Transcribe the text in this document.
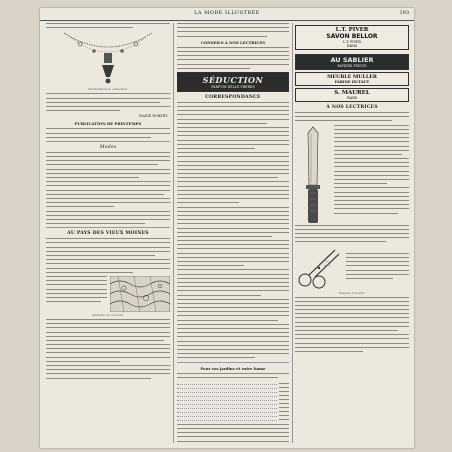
LA MODE ILLUSTRÉE	193
Pendentif de la collection.
MARIE ROBERT.
PUBLICATION DE PRINTEMPS
Modes
AU PAYS DES VIEUX MOINES
Dentelle du couvent.
CONSEILS À NOS LECTRICES
SÉDUCTION
PARFUM DELLE FRÈRES
CORRESPONDANCE
Pour vos jardins et votre home
L.T. PIVER
SAVON BELLOR
L.T. PIVER
PARIS
AU SABLIER
PAPIERS PEINTS
MEUBLE MULLER
FARINE DUTAUT
S. MAUREL
PARIS
À NOS LECTRICES
Ciseaux à broder.
